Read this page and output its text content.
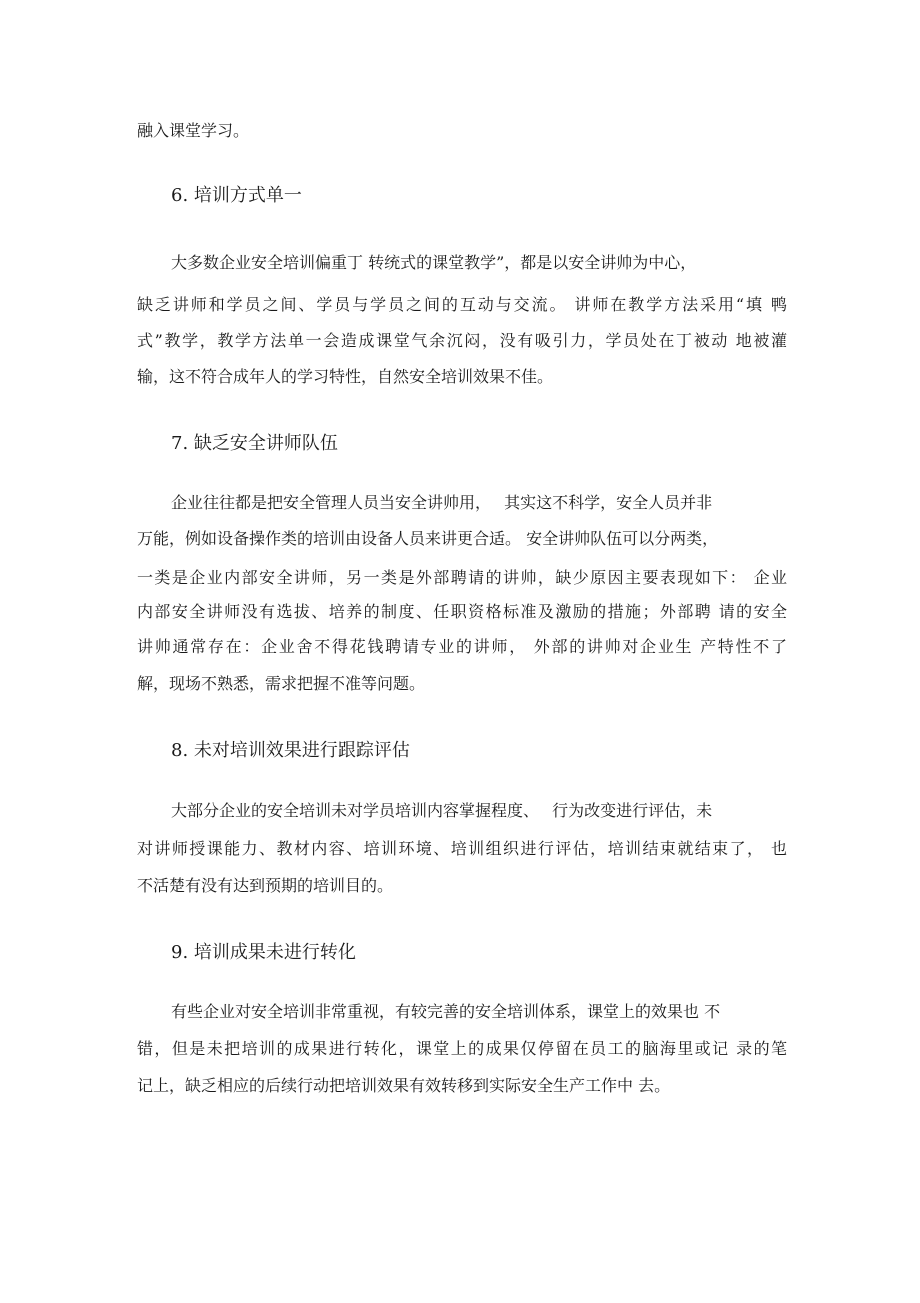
融入课堂学习。
6. 培训方式单一
大多数企业安全培训偏重丁 转统式的课堂教学”，都是以安全讲帅为中心，
缺乏讲师和学员之间、学员与学员之间的互动与交流。 讲师在教学方法采用“填 鸭
式”教学，教学方法单一会造成课堂气余沉闷，没有吸引力，学员处在丁被动 地被灌
输，这不符合成年人的学习特性，自然安全培训效果不佳。
7. 缺乏安全讲师队伍
企业往往都是把安全管理人员当安全讲帅用，　 其实这不科学，安全人员并非
万能，例如设备操作类的培训由设备人员来讲更合适。 安全讲帅队伍可以分两类，
一类是企业内部安全讲师，另一类是外部聘请的讲帅，缺少原因主要表现如下： 企业
内部安全讲师没有选拔、培养的制度、任职资格标准及激励的措施；外部聘 请的安全
讲帅通常存在：企业舍不得花钱聘请专业的讲师， 外部的讲帅对企业生 产特性不了
解，现场不熟悉，需求把握不准等问题。
8. 未对培训效果进行跟踪评估
大部分企业的安全培训未对学员培训内容掌握程度、　 行为改变进行评估，未
对讲师授课能力、教材内容、培训环境、培训组织进行评估，培训结束就结束了， 也
不活楚有没有达到预期的培训目的。
9. 培训成果未进行转化
有些企业对安全培训非常重视，有较完善的安全培训体系，课堂上的效果也 不
错，但是未把培训的成果进行转化，课堂上的成果仅停留在员工的脑海里或记 录的笔
记上，缺乏相应的后续行动把培训效果有效转移到实际安全生产工作中 去。
